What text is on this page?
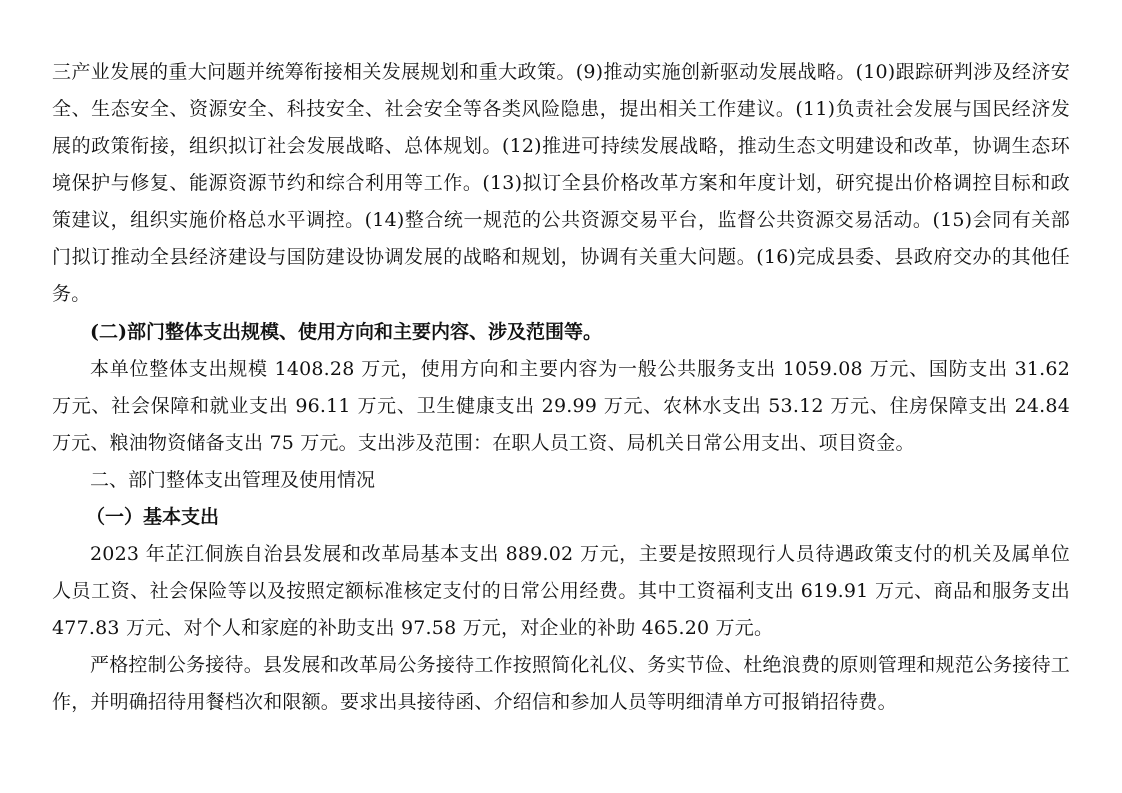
三产业发展的重大问题并统筹衔接相关发展规划和重大政策。(9)推动实施创新驱动发展战略。(10)跟踪研判涉及经济安全、生态安全、资源安全、科技安全、社会安全等各类风险隐患，提出相关工作建议。(11)负责社会发展与国民经济发展的政策衔接，组织拟订社会发展战略、总体规划。(12)推进可持续发展战略，推动生态文明建设和改革，协调生态环境保护与修复、能源资源节约和综合利用等工作。(13)拟订全县价格改革方案和年度计划，研究提出价格调控目标和政策建议，组织实施价格总水平调控。(14)整合统一规范的公共资源交易平台，监督公共资源交易活动。(15)会同有关部门拟订推动全县经济建设与国防建设协调发展的战略和规划，协调有关重大问题。(16)完成县委、县政府交办的其他任务。

(二)部门整体支出规模、使用方向和主要内容、涉及范围等。

本单位整体支出规模 1408.28 万元，使用方向和主要内容为一般公共服务支出 1059.08 万元、国防支出 31.62 万元、社会保障和就业支出 96.11 万元、卫生健康支出 29.99 万元、农林水支出 53.12 万元、住房保障支出 24.84 万元、粮油物资储备支出 75 万元。支出涉及范围：在职人员工资、局机关日常公用支出、项目资金。

二、部门整体支出管理及使用情况

（一）基本支出

2023 年芷江侗族自治县发展和改革局基本支出 889.02 万元，主要是按照现行人员待遇政策支付的机关及属单位人员工资、社会保险等以及按照定额标准核定支付的日常公用经费。其中工资福利支出 619.91 万元、商品和服务支出 477.83 万元、对个人和家庭的补助支出 97.58 万元，对企业的补助 465.20 万元。

严格控制公务接待。县发展和改革局公务接待工作按照简化礼仪、务实节俭、杜绝浪费的原则管理和规范公务接待工作，并明确招待用餐档次和限额。要求出具接待函、介绍信和参加人员等明细清单方可报销招待费。
